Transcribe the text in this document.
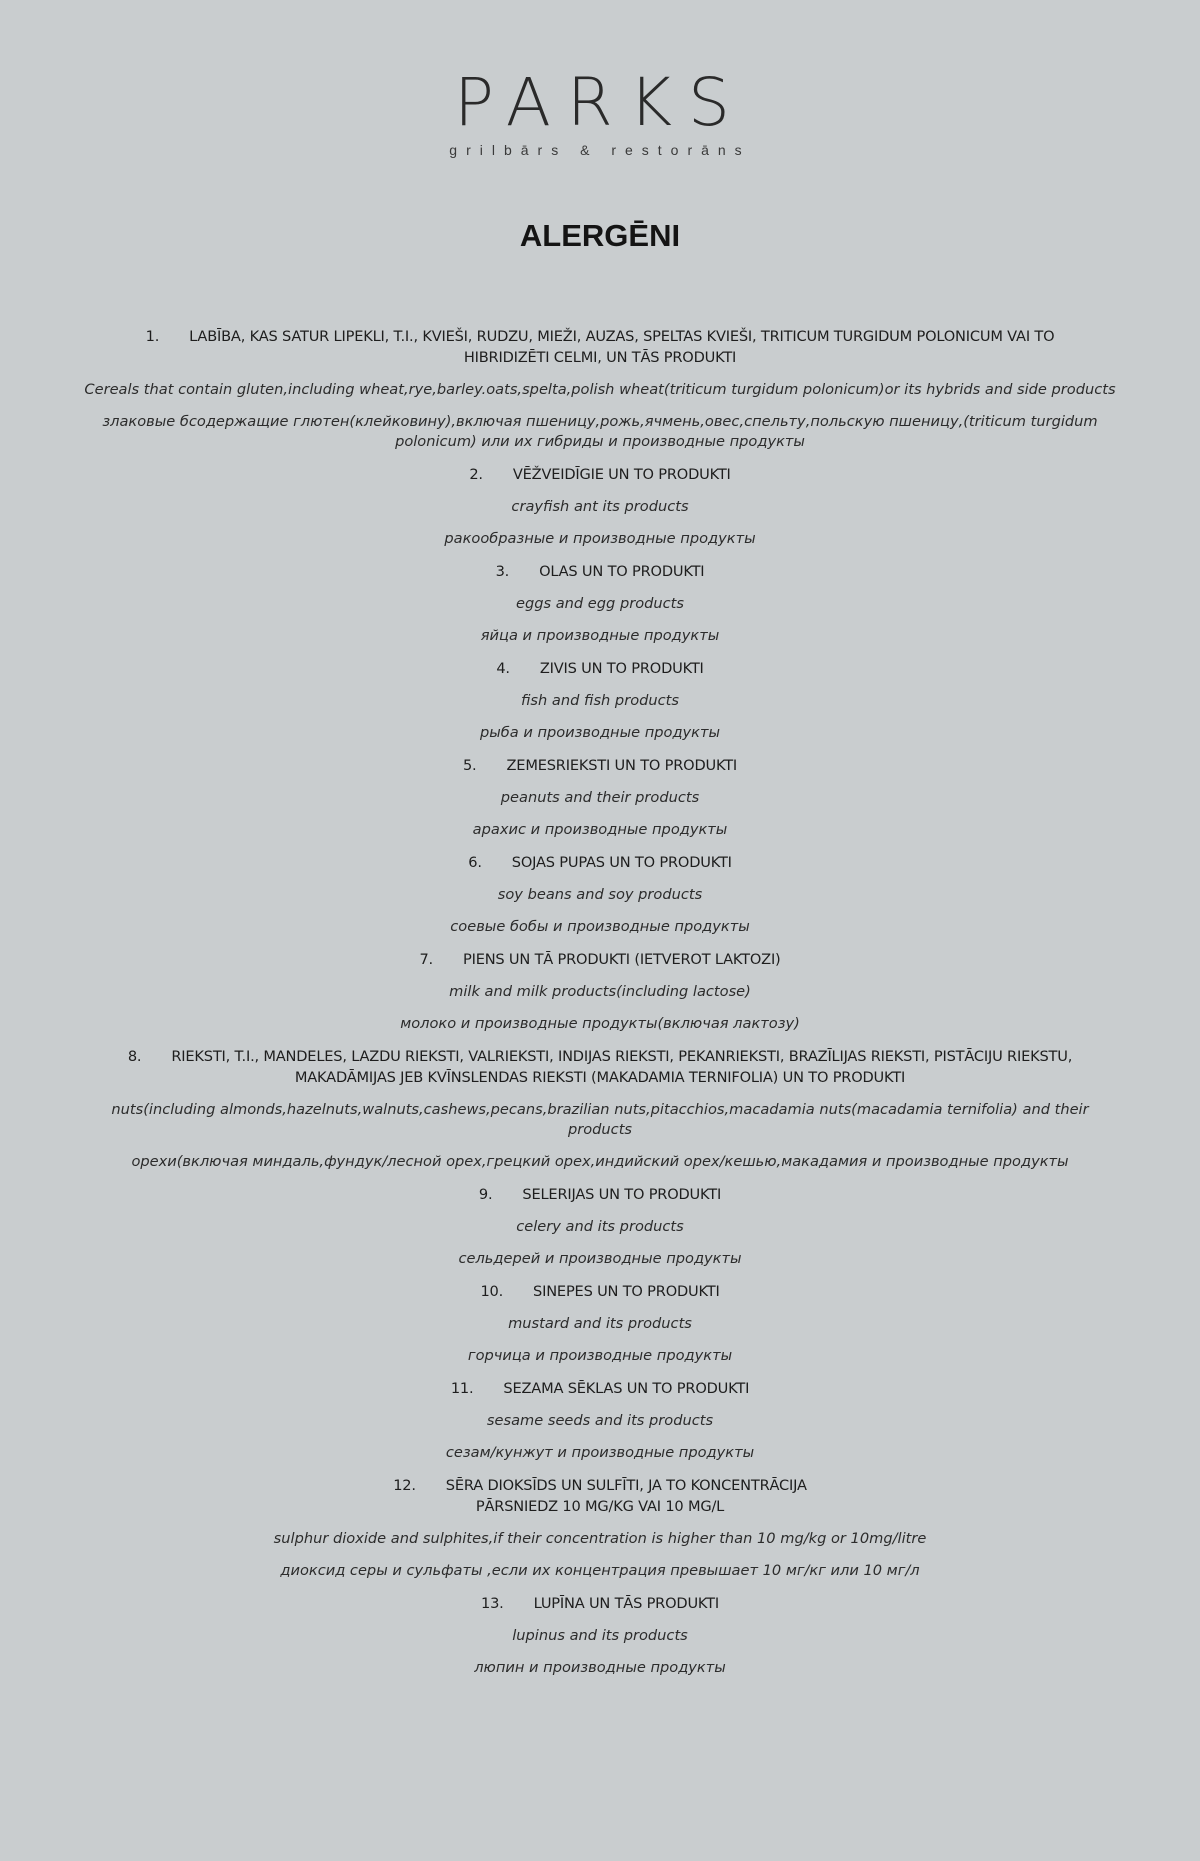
PARKS
grilbārs & restorāns
ALERGĒNI
1. LABĪBA, KAS SATUR LIPEKLI, T.I., KVIEŠI, RUDZU, MIEŽI, AUZAS, SPELTAS KVIEŠI, TRITICUM TURGIDUM POLONICUM VAI TO HIBRIDIZĒTI CELMI, UN TĀS PRODUKTI
Cereals that contain gluten,including wheat,rye,barley.oats,spelta,polish wheat(triticum turgidum polonicum)or its hybrids and side products
злаковые бсодержащие глютен(клейковину),включая пшеницу,рожь,ячмень,овес,спельту,польскую пшеницу,(triticum turgidum polonicum) или их гибриды и производные продукты
2. VĒŽVEIDĪGIE UN TO PRODUKTI
crayfish ant its products
ракообразные и производные продукты
3. OLAS UN TO PRODUKTI
eggs and egg products
яйца и производные продукты
4. ZIVIS UN TO PRODUKTI
fish and fish products
рыба и производные продукты
5. ZEMESRIEKSTI UN TO PRODUKTI
peanuts and their products
арахис и производные продукты
6. SOJAS PUPAS UN TO PRODUKTI
soy beans and soy products
соевые бобы и производные продукты
7. PIENS UN TĀ PRODUKTI (IETVEROT LAKTOZI)
milk and milk products(including lactose)
молоко и производные продукты(включая лактозу)
8. RIEKSTI, T.I., MANDELES, LAZDU RIEKSTI, VALRIEKSTI, INDIJAS RIEKSTI, PEKANRIEKSTI, BRAZĪLIJAS RIEKSTI, PISTĀCIJU RIEKSTU, MAKADĀMIJAS JEB KVĪNSLENDAS RIEKSTI (MAKADAMIA TERNIFOLIA) UN TO PRODUKTI
nuts(including almonds,hazelnuts,walnuts,cashews,pecans,brazilian nuts,pitacchios,macadamia nuts(macadamia ternifolia) and their products
орехи(включая миндаль,фундук/лесной орех,грецкий орех,индийский орех/кешью,макадамия и производные продукты
9. SELERIJAS UN TO PRODUKTI
celery and its products
сельдерей и производные продукты
10. SINEPES UN TO PRODUKTI
mustard and its products
горчица и производные продукты
11. SEZAMA SĒKLAS UN TO PRODUKTI
sesame seeds and its products
сезам/кунжут и производные продукты
12. SĒRA DIOKSĪDS UN SULFĪTI, JA TO KONCENTRĀCIJA PĀRSNIEDZ 10 MG/KG VAI 10 MG/L
sulphur dioxide and sulphites,if their concentration is higher than 10 mg/kg or 10mg/litre
диоксид серы и сульфаты ,если их концентрация превышает 10 мг/кг или 10 мг/л
13. LUPĪNA UN TĀS PRODUKTI
lupinus and its products
люпин и производные продукты
